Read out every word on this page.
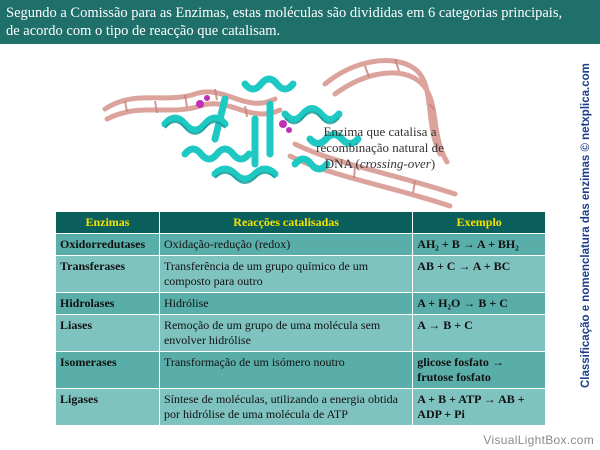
Segundo a Comissão para as Enzimas, estas moléculas são divididas em 6 categorias principais,
de acordo com o tipo de reacção que catalisam.
Enzima que catalisa a
recombinação natural de
DNA (crossing-over)	Classificação e nomenclatura das enzimas © netxplica.com
Enzimas	Reacções catalisadas	Exemplo
Oxidorredutases	Oxidação-redução (redox)	AH₂ + B → A + BH₂
Transferases	Transferência de um grupo químico de um composto para outro	AB + C → A + BC
Hidrolases	Hidrólise	A + H₂O → B + C
Liases	Remoção de um grupo de uma molécula sem envolver hidrólise	A → B + C
Isomerases	Transformação de um isómero noutro	glicose fosfato → frutose fosfato
Ligases	Síntese de moléculas, utilizando a energia obtida por hidrólise de uma molécula de ATP	A + B + ATP → AB + ADP + Pi
VisualLightBox.com
